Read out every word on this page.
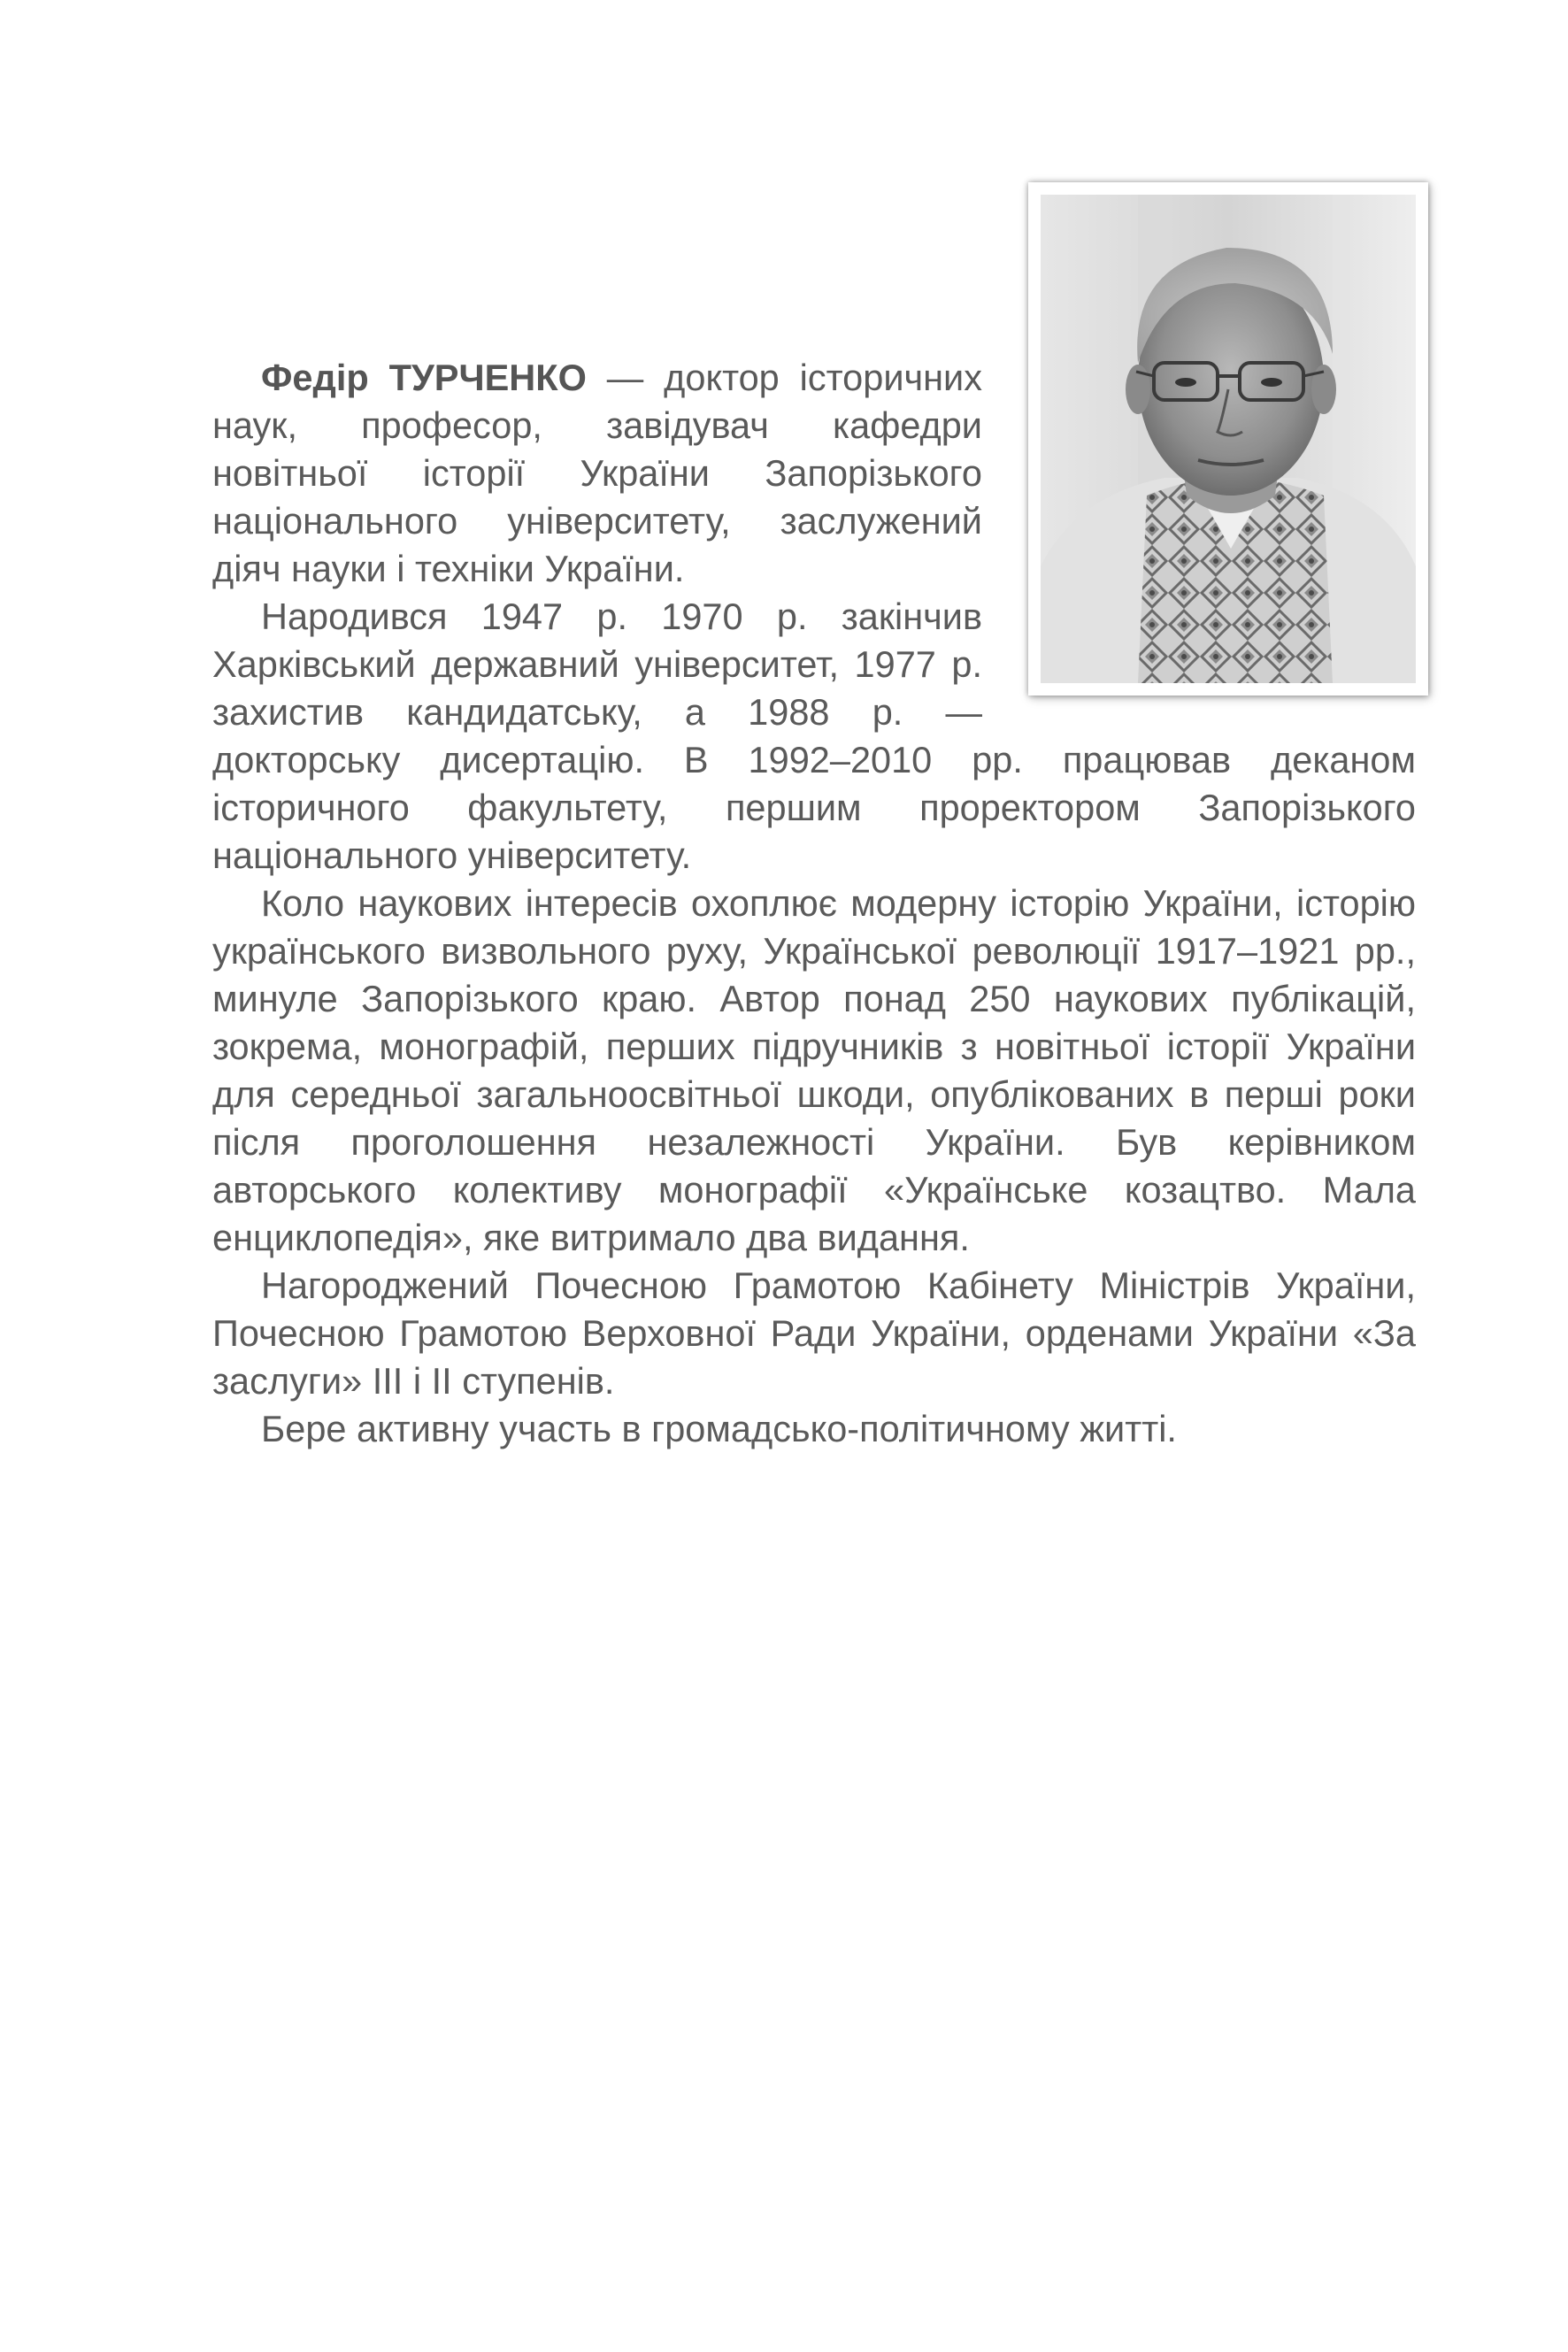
Федір ТУРЧЕНКО — доктор історичних наук, професор, завідувач кафедри новітньої історії України Запорізького національного університету, заслужений діяч науки і техніки України.

Народився 1947 р. 1970 р. закінчив Харківський державний університет, 1977 р. захистив кандидатську, а 1988 р. — докторську дисертацію. В 1992–2010 рр. працював деканом історичного факультету, першим проректором Запорізького національного університету.

Коло наукових інтересів охоплює модерну історію України, історію українського визвольного руху, Української революції 1917–1921 рр., минуле Запорізького краю. Автор понад 250 наукових публікацій, зокрема, монографій, перших підручників з новітньої історії України для середньої загальноосвітньої шкоди, опублікованих в перші роки після проголошення незалежності України. Був керівником авторського колективу монографії «Українське козацтво. Мала енциклопедія», яке витримало два видання.

Нагороджений Почесною Грамотою Кабінету Міністрів України, Почесною Грамотою Верховної Ради України, орденами України «За заслуги» ІІІ і ІІ ступенів.

Бере активну участь в громадсько-політичному житті.
